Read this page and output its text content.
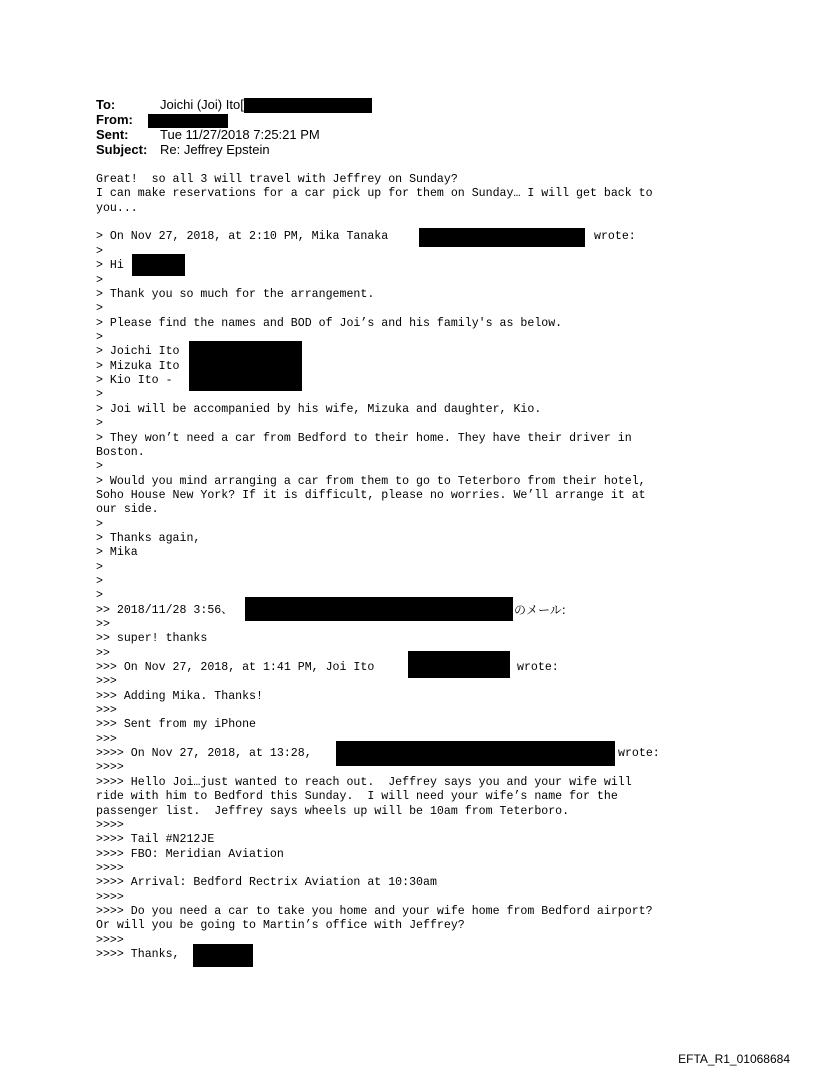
To:	Joichi (Joi) Ito[
From:
Sent: Tue 11/27/2018 7:25:21 PM
Subject: Re: Jeffrey Epstein
Great!  so all 3 will travel with Jeffrey on Sunday?
I can make reservations for a car pick up for them on Sunday… I will get back to
you...
> On Nov 27, 2018, at 2:10 PM, Mika Tanaka	wrote:
>
> Hi
>
> Thank you so much for the arrangement.
>
> Please find the names and BOD of Joi’s and his family's as below.
>
> Joichi Ito
> Mizuka Ito
> Kio Ito -
>
> Joi will be accompanied by his wife, Mizuka and daughter, Kio.
>
> They won’t need a car from Bedford to their home. They have their driver in
Boston.
>
> Would you mind arranging a car from them to go to Teterboro from their hotel,
Soho House New York? If it is difficult, please no worries. We’ll arrange it at
our side.
>
> Thanks again,
> Mika
>
>
>
>> 2018/11/28 3:56、	のメール:
>>
>> super! thanks
>>
>>> On Nov 27, 2018, at 1:41 PM, Joi Ito	wrote:
>>>
>>> Adding Mika. Thanks!
>>>
>>> Sent from my iPhone
>>>
>>>> On Nov 27, 2018, at 13:28,	wrote:
>>>>
>>>> Hello Joi…just wanted to reach out.  Jeffrey says you and your wife will
ride with him to Bedford this Sunday.  I will need your wife’s name for the
passenger list.  Jeffrey says wheels up will be 10am from Teterboro.
>>>>
>>>> Tail #N212JE
>>>> FBO: Meridian Aviation
>>>>
>>>> Arrival: Bedford Rectrix Aviation at 10:30am
>>>>
>>>> Do you need a car to take you home and your wife home from Bedford airport?
Or will you be going to Martin’s office with Jeffrey?
>>>>
>>>> Thanks,
EFTA_R1_01068684
